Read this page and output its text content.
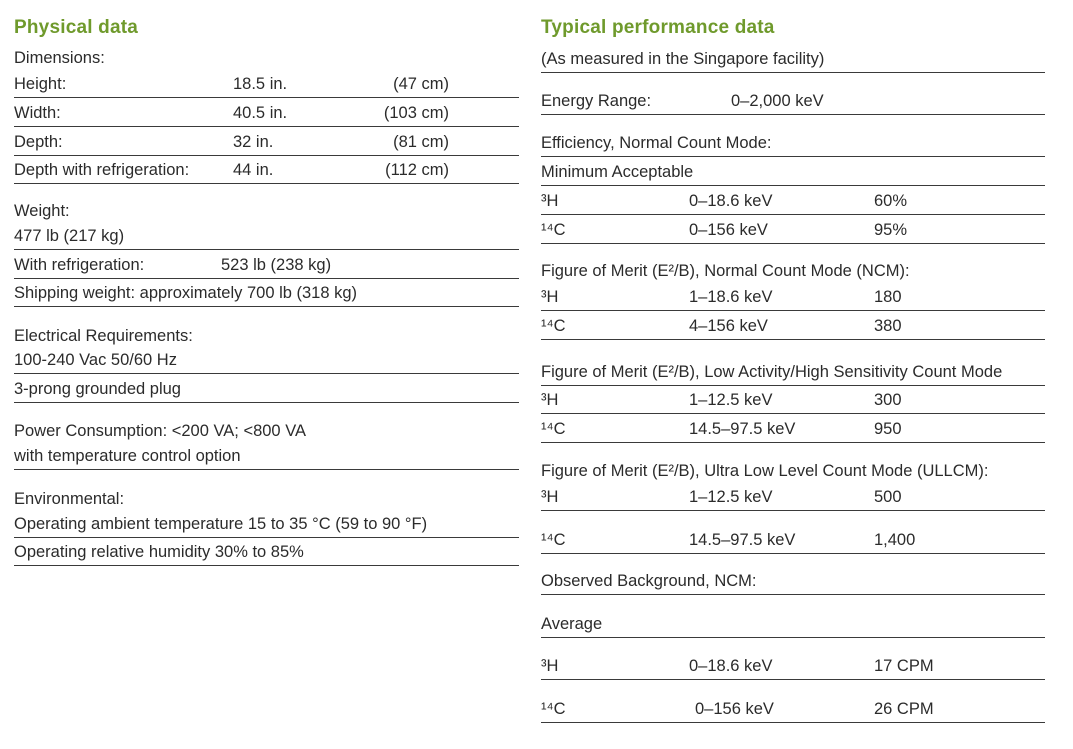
Physical data
Dimensions:
Height:	18.5 in.	(47 cm)
Width:	40.5 in.	(103 cm)
Depth:	32 in.	(81 cm)
Depth with refrigeration:	44 in.	(112 cm)
Weight:
477 lb (217 kg)
With refrigeration:	523 lb (238 kg)
Shipping weight: approximately 700 lb (318 kg)
Electrical Requirements:
100-240 Vac 50/60 Hz
3-prong grounded plug
Power Consumption: <200 VA; <800 VA
with temperature control option
Environmental:
Operating ambient temperature 15 to 35 °C (59 to 90 °F)
Operating relative humidity 30% to 85%
Typical performance data
(As measured in the Singapore facility)
Energy Range:	0–2,000 keV
Efficiency, Normal Count Mode:
Minimum Acceptable
³H	0–18.6 keV	60%
¹⁴C	0–156 keV	95%
Figure of Merit (E²/B), Normal Count Mode (NCM):
³H	1–18.6 keV	180
¹⁴C	4–156 keV	380
Figure of Merit (E²/B), Low Activity/High Sensitivity Count Mode
³H	1–12.5 keV	300
¹⁴C	14.5–97.5 keV	950
Figure of Merit (E²/B), Ultra Low Level Count Mode (ULLCM):
³H	1–12.5 keV	500
¹⁴C	14.5–97.5 keV	1,400
Observed Background, NCM:
Average
³H	0–18.6 keV	17 CPM
¹⁴C	0–156 keV	26 CPM
